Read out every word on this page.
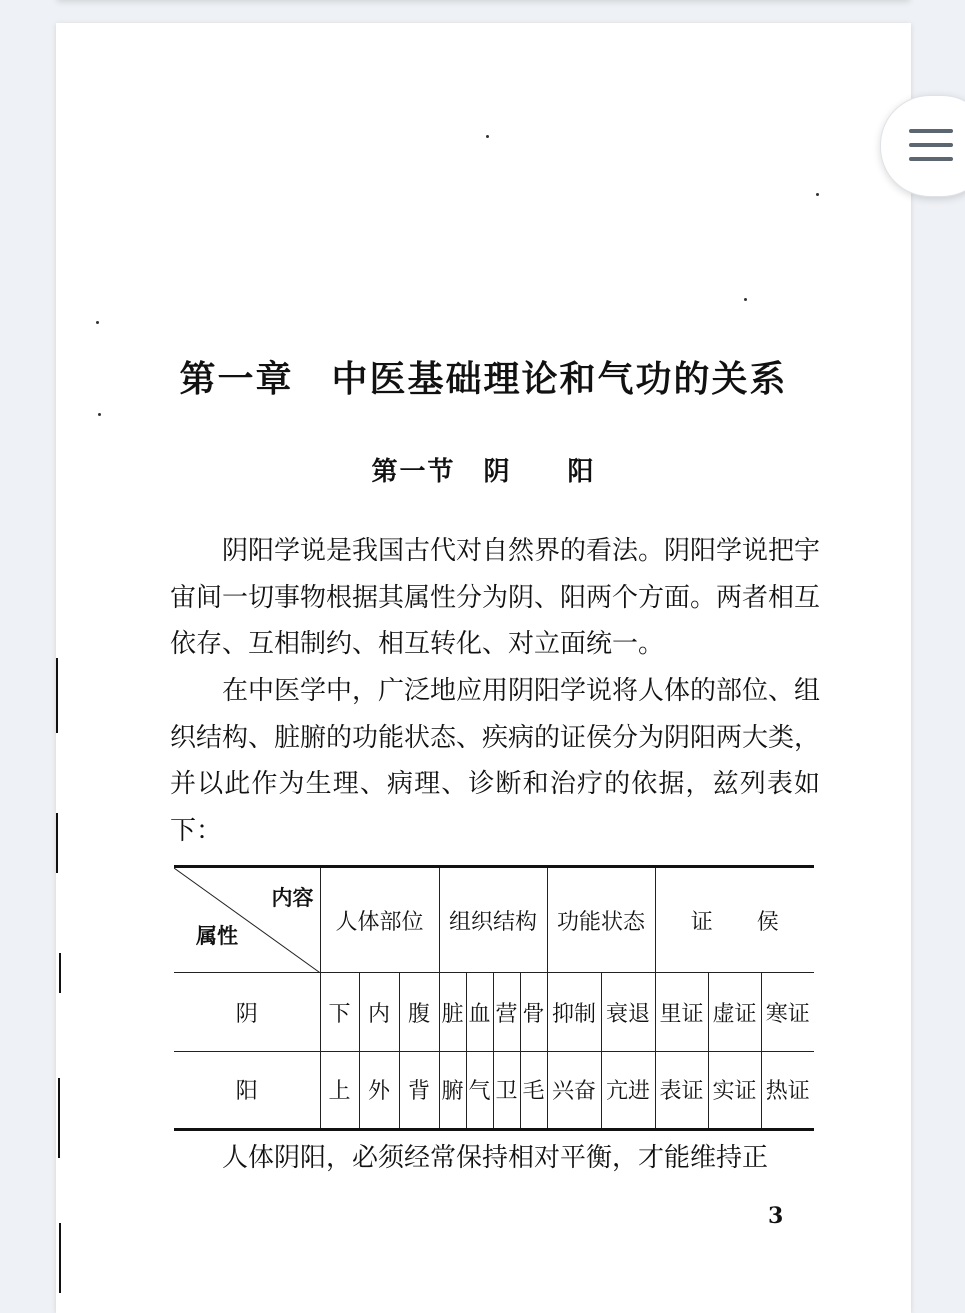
第一章　中医基础理论和气功的关系
第一节　阴　　阳

阴阳学说是我国古代对自然界的看法。阴阳学说把宇宙间一切事物根据其属性分为阴、阳两个方面。两者相互依存、互相制约、相互转化、对立面统一。

在中医学中，广泛地应用阴阳学说将人体的部位、组织结构、脏腑的功能状态、疾病的证侯分为阴阳两大类，并以此作为生理、病理、诊断和治疗的依据，兹列表如下：

内容
属性	人体部位			组织结构				功能状态		证　　侯		
阴	下	内	腹	脏	血	营	骨	抑制	衰退	里证	虚证	寒证
阳	上	外	背	腑	气	卫	毛	兴奋	亢进	表证	实证	热证

人体阴阳，必须经常保持相对平衡，才能维持正

3
